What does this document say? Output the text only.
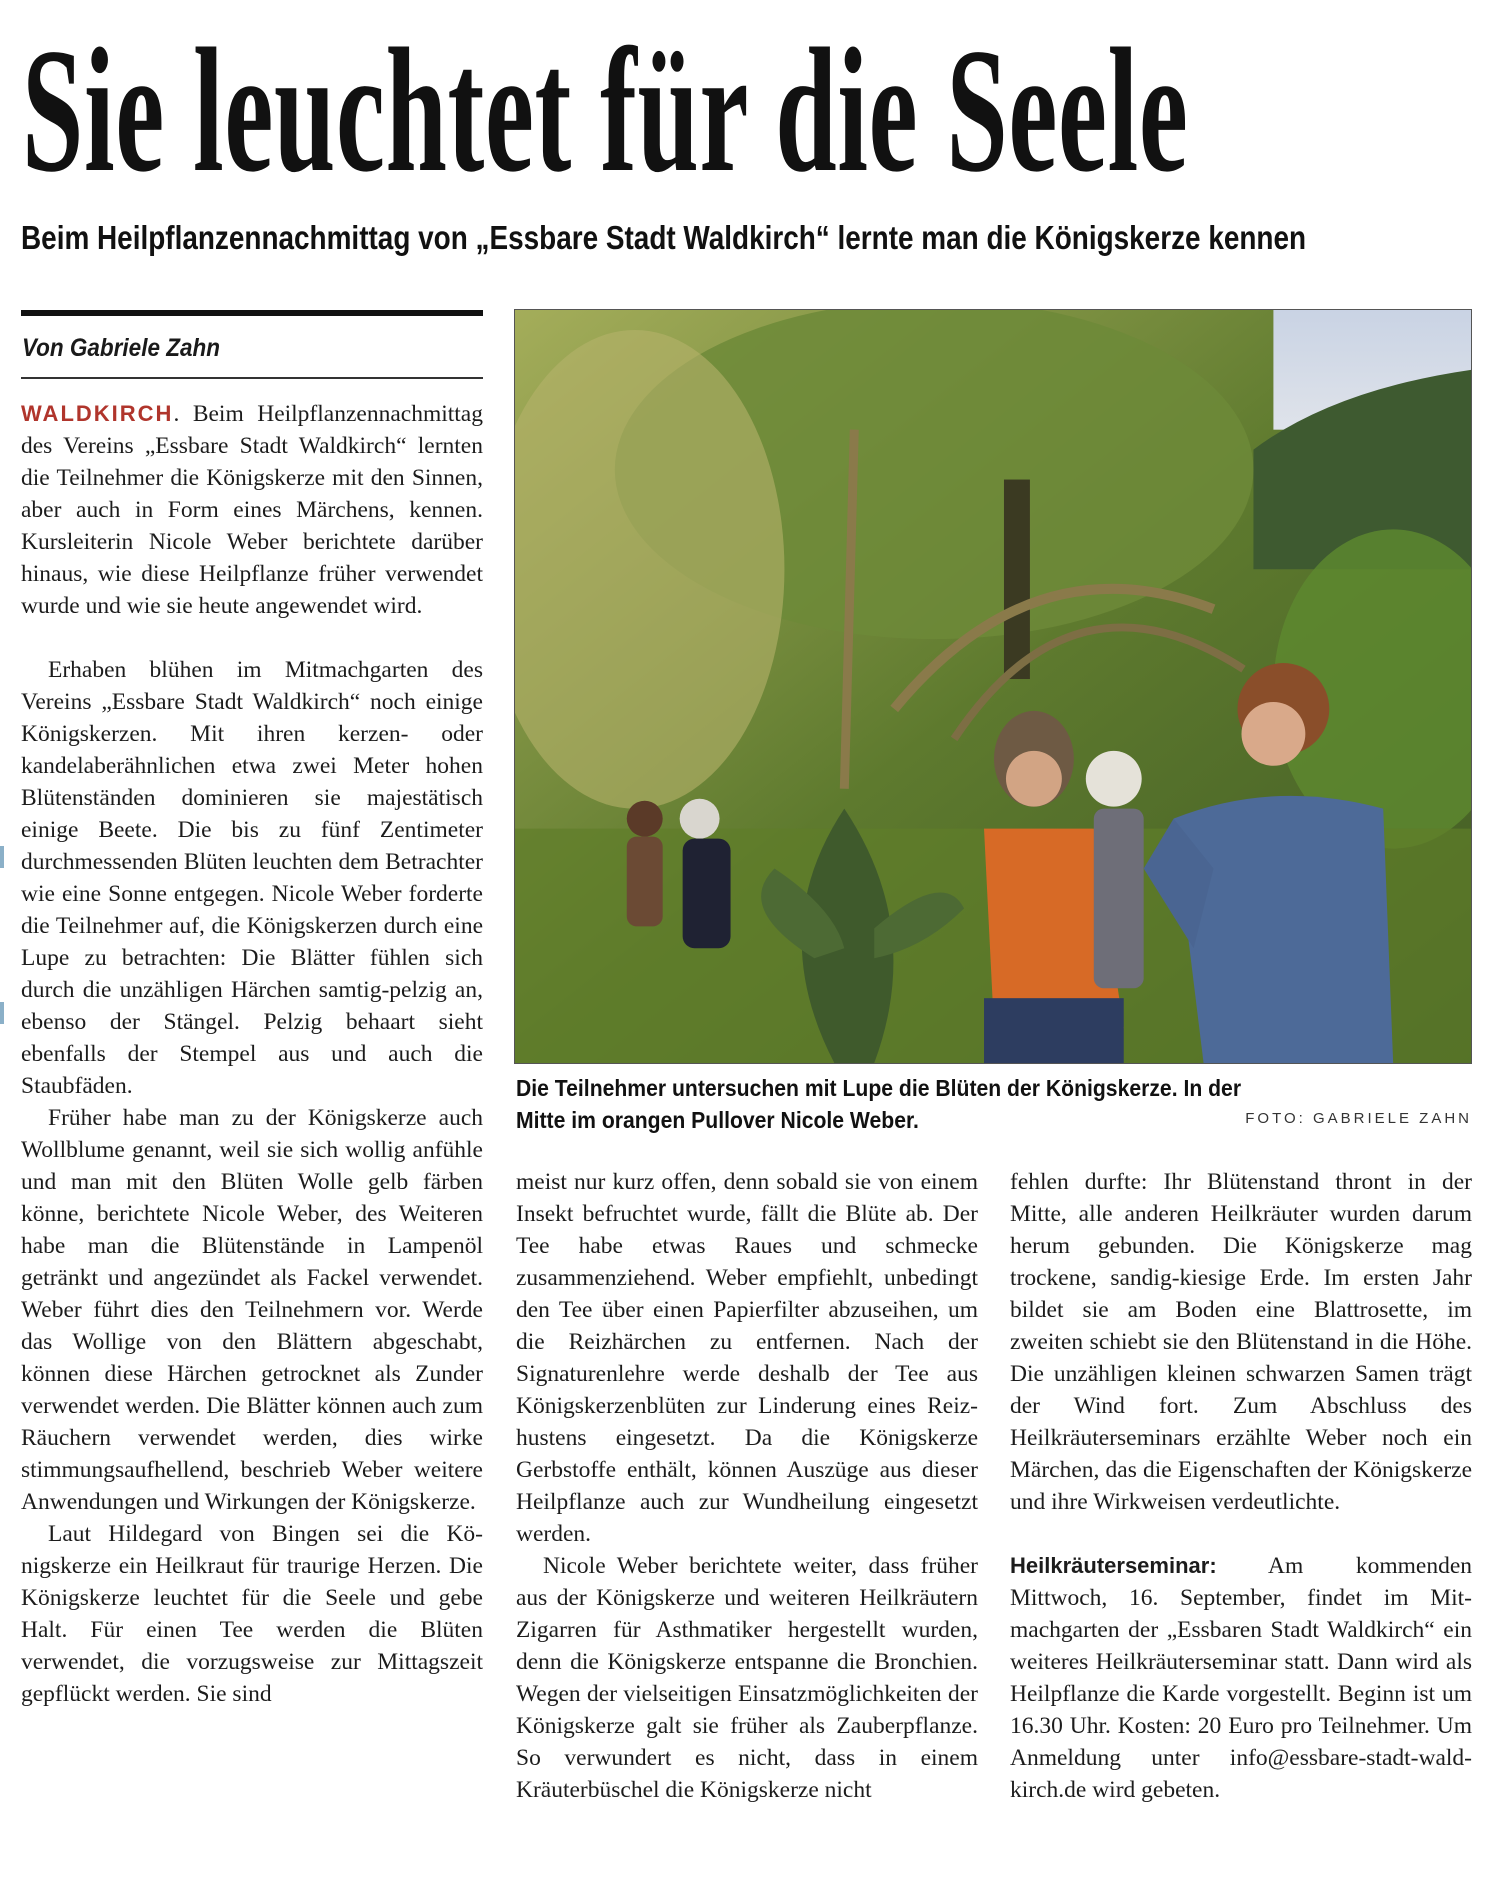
Sie leuchtet für die Seele
Beim Heilpflanzennachmittag von „Essbare Stadt Waldkirch“ lernte man die Königskerze kennen
Von Gabriele Zahn

WALDKIRCH. Beim Heilpflanzennachmittag des Vereins „Essbare Stadt Waldkirch“ lernten die Teilnehmer die Königskerze mit den Sinnen, aber auch in Form eines Märchens, kennen. Kursleiterin Nicole Weber berichtete darüber hinaus, wie diese Heilpflanze früher verwendet wurde und wie sie heute angewendet wird.

Erhaben blühen im Mitmachgarten des Vereins „Essbare Stadt Waldkirch“ noch einige Königskerzen. Mit ihren kerzen- oder kandelaberähnlichen etwa zwei Meter hohen Blütenständen dominieren sie majestätisch einige Beete. Die bis zu fünf Zentimeter durchmessenden Blüten leuchten dem Betrachter wie eine Sonne entgegen. Nicole Weber forderte die Teilnehmer auf, die Königskerzen durch eine Lupe zu betrachten: Die Blätter fühlen sich durch die unzähligen Härchen samtig-pelzig an, ebenso der Stängel. Pelzig behaart sieht ebenfalls der Stempel aus und auch die Staubfäden.

Früher habe man zu der Königskerze auch Wollblume genannt, weil sie sich wollig anfühle und man mit den Blüten Wolle gelb färben könne, berichtete Nicole Weber, des Weiteren habe man die Blütenstände in Lampenöl getränkt und angezündet als Fackel verwendet. Weber führt dies den Teilnehmern vor. Werde das Wollige von den Blättern abgeschabt, können diese Härchen getrocknet als Zunder verwendet werden. Die Blätter können auch zum Räuchern verwendet werden, dies wirke stimmungsaufhellend, beschrieb Weber weitere Anwendungen und Wirkungen der Königskerze.

Laut Hildegard von Bingen sei die Königskerze ein Heilkraut für traurige Herzen. Die Königskerze leuchtet für die Seele und gebe Halt. Für einen Tee werden die Blüten verwendet, die vorzugsweise zur Mittagszeit gepflückt werden. Sie sind

Die Teilnehmer untersuchen mit Lupe die Blüten der Königskerze. In der
Mitte im orangen Pullover Nicole Weber.	FOTO: GABRIELE ZAHN

meist nur kurz offen, denn sobald sie von einem Insekt befruchtet wurde, fällt die Blüte ab. Der Tee habe etwas Raues und schmecke zusammenziehend. Weber empfiehlt, unbedingt den Tee über einen Papierfilter abzuseihen, um die Reizhärchen zu entfernen. Nach der Signaturenlehre werde deshalb der Tee aus Königskerzenblüten zur Linderung eines Reizhustens eingesetzt. Da die Königskerze Gerbstoffe enthält, können Auszüge aus dieser Heilpflanze auch zur Wundheilung eingesetzt werden.

Nicole Weber berichtete weiter, dass früher aus der Königskerze und weiteren Heilkräutern Zigarren für Asthmatiker hergestellt wurden, denn die Königskerze entspanne die Bronchien. Wegen der vielseitigen Einsatzmöglichkeiten der Königskerze galt sie früher als Zauberpflanze. So verwundert es nicht, dass in einem Kräuterbüschel die Königskerze nicht

fehlen durfte: Ihr Blütenstand thront in der Mitte, alle anderen Heilkräuter wurden darum herum gebunden. Die Königskerze mag trockene, sandig-kiesige Erde. Im ersten Jahr bildet sie am Boden eine Blattrosette, im zweiten schiebt sie den Blütenstand in die Höhe. Die unzähligen kleinen schwarzen Samen trägt der Wind fort. Zum Abschluss des Heilkräuterseminars erzählte Weber noch ein Märchen, das die Eigenschaften der Königskerze und ihre Wirkweisen verdeutlichte.

Heilkräuterseminar: Am kommenden Mittwoch, 16. September, findet im Mitmachgarten der „Essbaren Stadt Waldkirch“ ein weiteres Heilkräuterseminar statt. Dann wird als Heilpflanze die Karde vorgestellt. Beginn ist um 16.30 Uhr. Kosten: 20 Euro pro Teilnehmer. Um Anmeldung unter info@essbare-stadt-waldkirch.de wird gebeten.
